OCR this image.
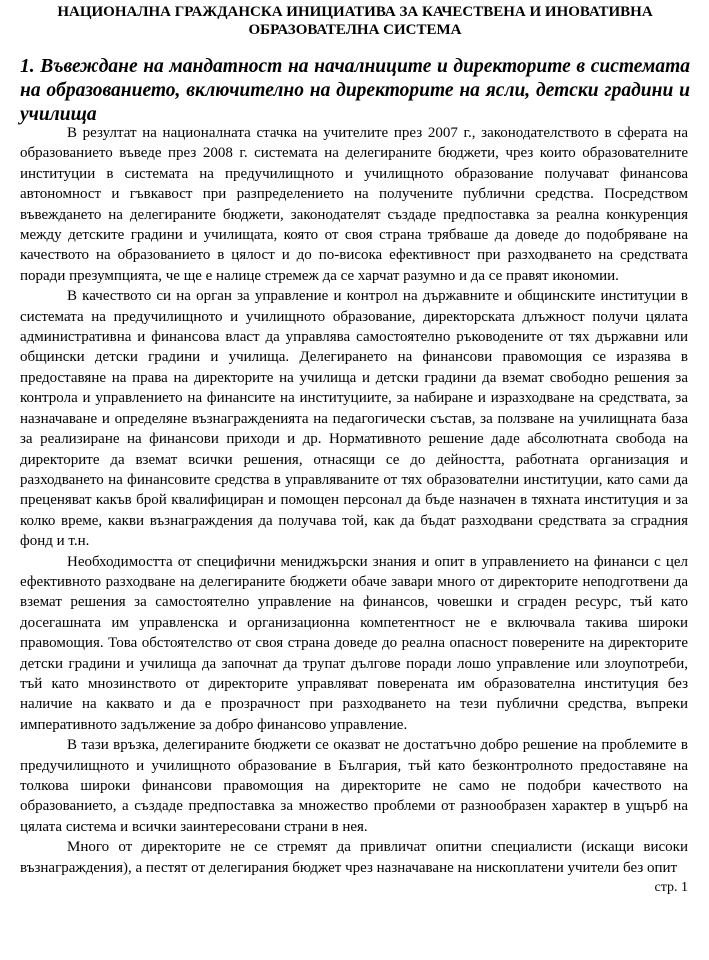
НАЦИОНАЛНА ГРАЖДАНСКА ИНИЦИАТИВА ЗА КАЧЕСТВЕНА И ИНОВАТИВНА
ОБРАЗОВАТЕЛНА СИСТЕМА
1. Въвеждане на мандатност на началниците и директорите в системата на образованието, включително на директорите на ясли, детски градини и училища

В резултат на националната стачка на учителите през 2007 г., законодателството в сферата на образованието въведе през 2008 г. системата на делегираните бюджети, чрез които образователните институции в системата на предучилищното и училищното образование получават финансова автономност и гъвкавост при разпределението на получените публични средства. Посредством въвеждането на делегираните бюджети, законодателят създаде предпоставка за реална конкуренция между детските градини и училищата, която от своя страна трябваше да доведе до подобряване на качеството на образованието в цялост и до по-висока ефективност при разходването на средствата поради презумпцията, че ще е налице стремеж да се харчат разумно и да се правят икономии.

В качеството си на орган за управление и контрол на държавните и общинските институции в системата на предучилищното и училищното образование, директорската длъжност получи цялата административна и финансова власт да управлява самостоятелно ръководените от тях държавни или общински детски градини и училища. Делегирането на финансови правомощия се изразява в предоставяне на права на директорите на училища и детски градини да вземат свободно решения за контрола и управлението на финансите на институциите, за набиране и изразходване на средствата, за назначаване и определяне възнагражденията на педагогически състав, за ползване на училищната база за реализиране на финансови приходи и др. Нормативното решение даде абсолютната свобода на директорите да вземат всички решения, отнасящи се до дейността, работната организация и разходването на финансовите средства в управляваните от тях образователни институции, като сами да преценяват какъв брой квалифициран и помощен персонал да бъде назначен в тяхната институция и за колко време, какви възнаграждения да получава той, как да бъдат разходвани средствата за сградния фонд и т.н.

Необходимостта от специфични мениджърски знания и опит в управлението на финанси с цел ефективното разходване на делегираните бюджети обаче завари много от директорите неподготвени да вземат решения за самостоятелно управление на финансов, човешки и сграден ресурс, тъй като досегашната им управленска и организационна компетентност не е включвала такива широки правомощия. Това обстоятелство от своя страна доведе до реална опасност поверените на директорите детски градини и училища да започнат да трупат дългове поради лошо управление или злоупотреби, тъй като мнозинството от директорите управляват поверената им образователна институция без наличие на каквато и да е прозрачност при разходването на тези публични средства, въпреки императивното задължение за добро финансово управление.

В тази връзка, делегираните бюджети се оказват не достатъчно добро решение на проблемите в предучилищното и училищното образование в България, тъй като безконтролното предоставяне на толкова широки финансови правомощия на директорите не само не подобри качеството на образованието, а създаде предпоставка за множество проблеми от разнообразен характер в ущърб на цялата система и всички заинтересовани страни в нея.

Много от директорите не се стремят да привличат опитни специалисти (искащи високи възнаграждения), а пестят от делегирания бюджет чрез назначаване на нископлатени учители без опит

стр. 1
